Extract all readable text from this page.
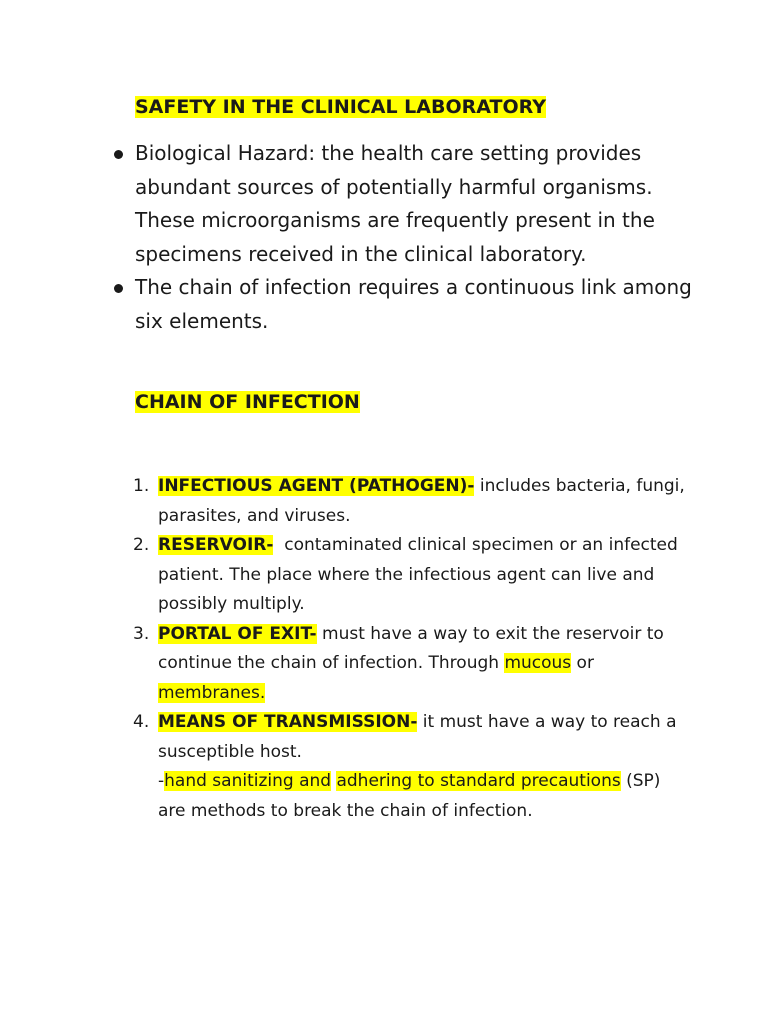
SAFETY IN THE CLINICAL LABORATORY
Biological Hazard: the health care setting provides abundant sources of potentially harmful organisms. These microorganisms are frequently present in the specimens received in the clinical laboratory.
The chain of infection requires a continuous link among six elements.
CHAIN OF INFECTION
1. INFECTIOUS AGENT (PATHOGEN)- includes bacteria, fungi, parasites, and viruses.
2. RESERVOIR-  contaminated clinical specimen or an infected patient. The place where the infectious agent can live and possibly multiply.
3. PORTAL OF EXIT- must have a way to exit the reservoir to continue the chain of infection. Through mucous or membranes.
4. MEANS OF TRANSMISSION- it must have a way to reach a susceptible host.
-hand sanitizing and adhering to standard precautions (SP) are methods to break the chain of infection.
